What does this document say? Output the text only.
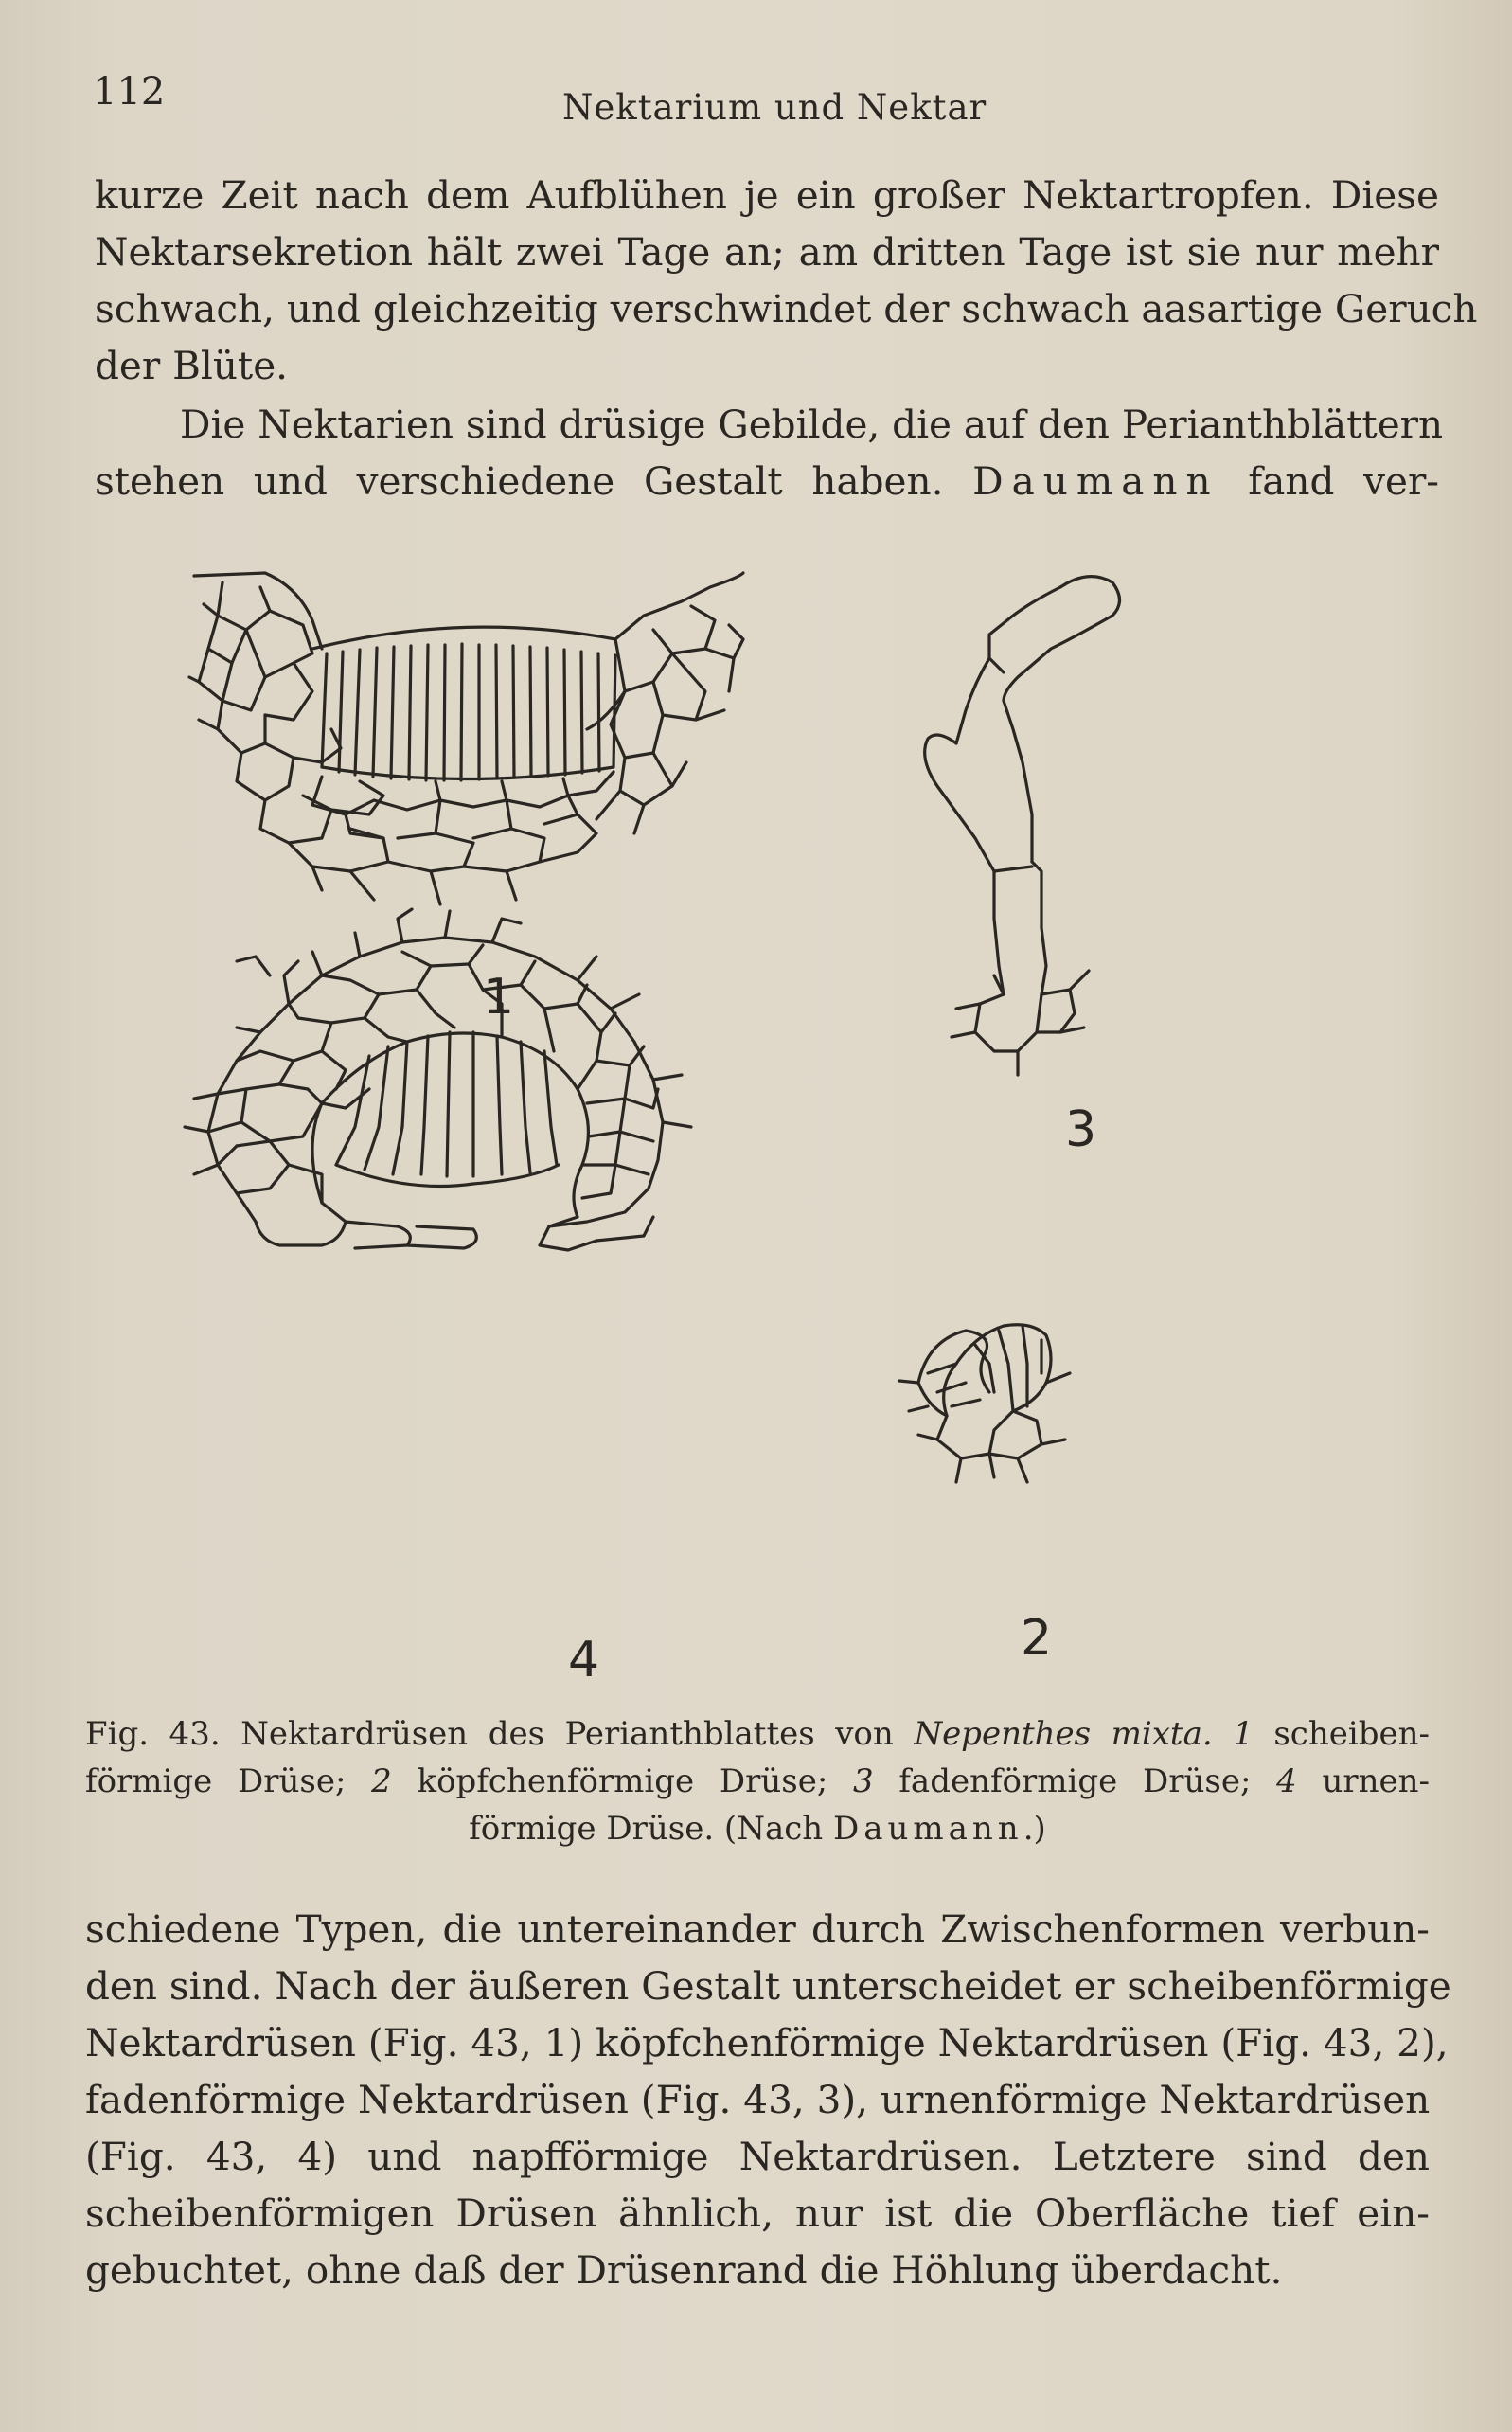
112	Nektarium und Nektar
kurze Zeit nach dem Aufblühen je ein großer Nektartropfen. Diese
Nektarsekretion hält zwei Tage an; am dritten Tage ist sie nur mehr
schwach, und gleichzeitig verschwindet der schwach aasartige Geruch
der Blüte.
Die Nektarien sind drüsige Gebilde, die auf den Perianthblättern
stehen und verschiedene Gestalt haben. Daumann fand ver-
1
3
4	2
Fig. 43. Nektardrüsen des Perianthblattes von Nepenthes mixta. 1 scheiben-
förmige Drüse; 2 köpfchenförmige Drüse; 3 fadenförmige Drüse; 4 urnen-
förmige Drüse. (Nach Daumann.)
schiedene Typen, die untereinander durch Zwischenformen verbun-
den sind. Nach der äußeren Gestalt unterscheidet er scheibenförmige
Nektardrüsen (Fig. 43, 1) köpfchenförmige Nektardrüsen (Fig. 43, 2),
fadenförmige Nektardrüsen (Fig. 43, 3), urnenförmige Nektardrüsen
(Fig. 43, 4) und napfförmige Nektardrüsen. Letztere sind den
scheibenförmigen Drüsen ähnlich, nur ist die Oberfläche tief ein-
gebuchtet, ohne daß der Drüsenrand die Höhlung überdacht.
